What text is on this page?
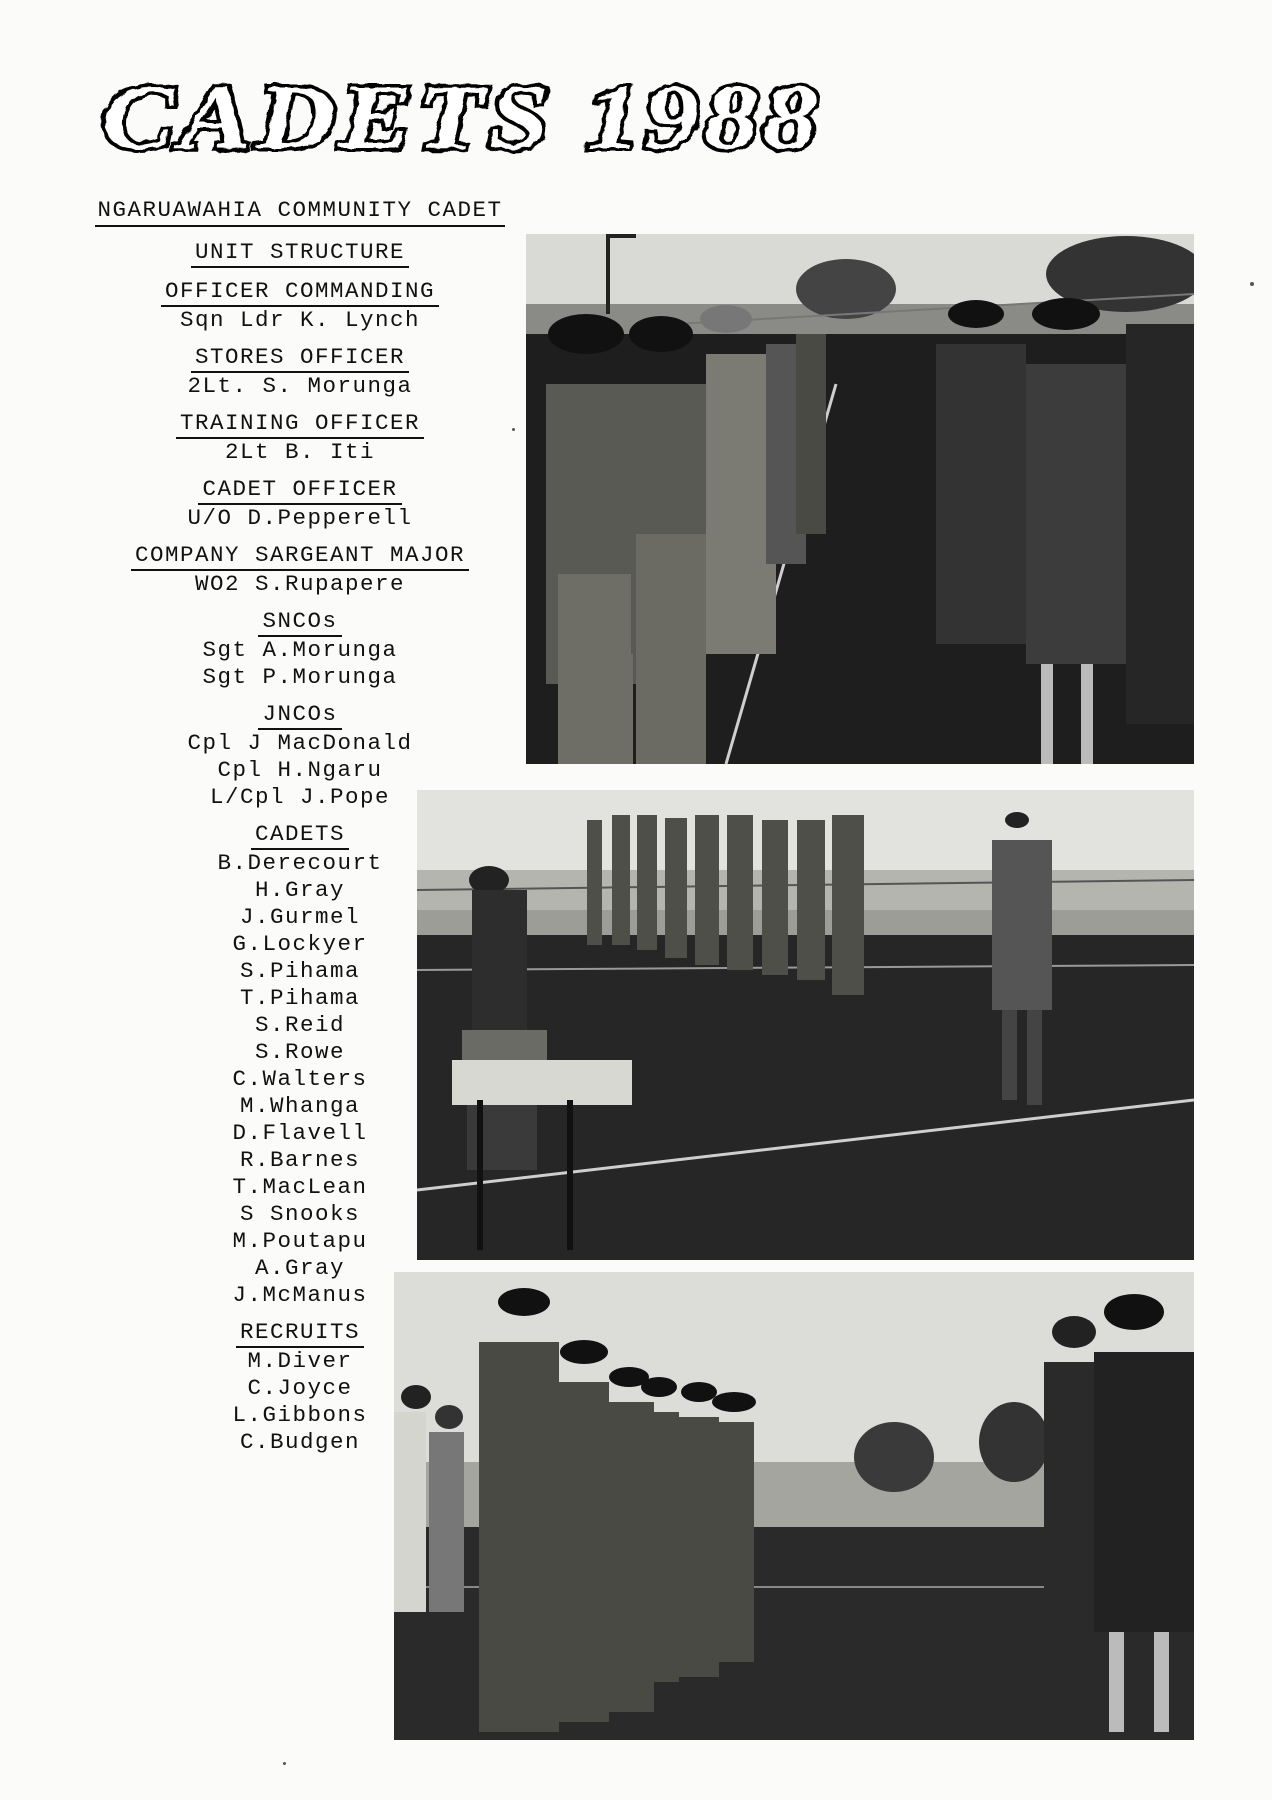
CADETS 1988
NGARUAWAHIA COMMUNITY CADET
UNIT STRUCTURE
OFFICER COMMANDING
Sqn Ldr K. Lynch
STORES OFFICER
2Lt. S. Morunga
TRAINING OFFICER
2Lt B. Iti
CADET OFFICER
U/O D.Pepperell
COMPANY SARGEANT MAJOR
WO2 S.Rupapere
SNCOs
Sgt A.Morunga
Sgt P.Morunga
JNCOs
Cpl J MacDonald
Cpl H.Ngaru
L/Cpl J.Pope
CADETS
B.Derecourt
H.Gray
J.Gurmel
G.Lockyer
S.Pihama
T.Pihama
S.Reid
S.Rowe
C.Walters
M.Whanga
D.Flavell
R.Barnes
T.MacLean
S Snooks
M.Poutapu
A.Gray
J.McManus
RECRUITS
M.Diver
C.Joyce
L.Gibbons
C.Budgen
